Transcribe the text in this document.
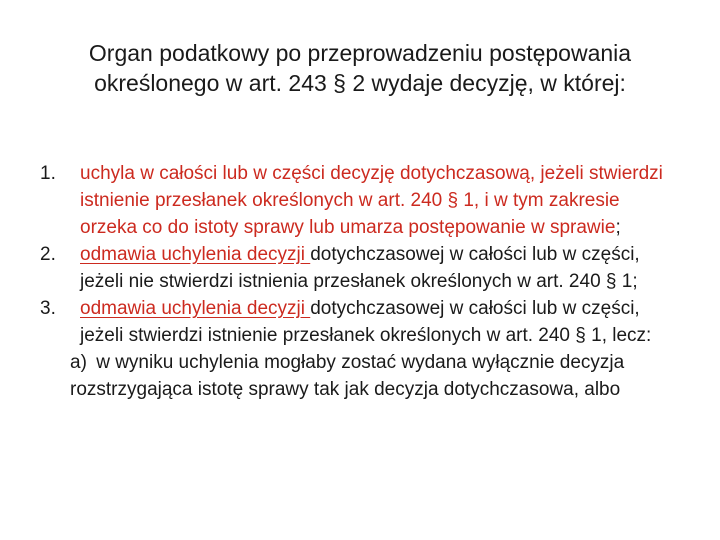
Organ podatkowy po przeprowadzeniu postępowania określonego w art. 243 § 2 wydaje decyzję, w której:
1. uchyla w całości lub w części decyzję dotychczasową, jeżeli stwierdzi istnienie przesłanek określonych w art. 240 § 1, i w tym zakresie orzeka co do istoty sprawy lub umarza postępowanie w sprawie;
2. odmawia uchylenia decyzji dotychczasowej w całości lub w części, jeżeli nie stwierdzi istnienia przesłanek określonych w art. 240 § 1;
3. odmawia uchylenia decyzji dotychczasowej w całości lub w części, jeżeli stwierdzi istnienie przesłanek określonych w art. 240 § 1, lecz:
a) w wyniku uchylenia mogłaby zostać wydana wyłącznie decyzja rozstrzygająca istotę sprawy tak jak decyzja dotychczasowa, albo
